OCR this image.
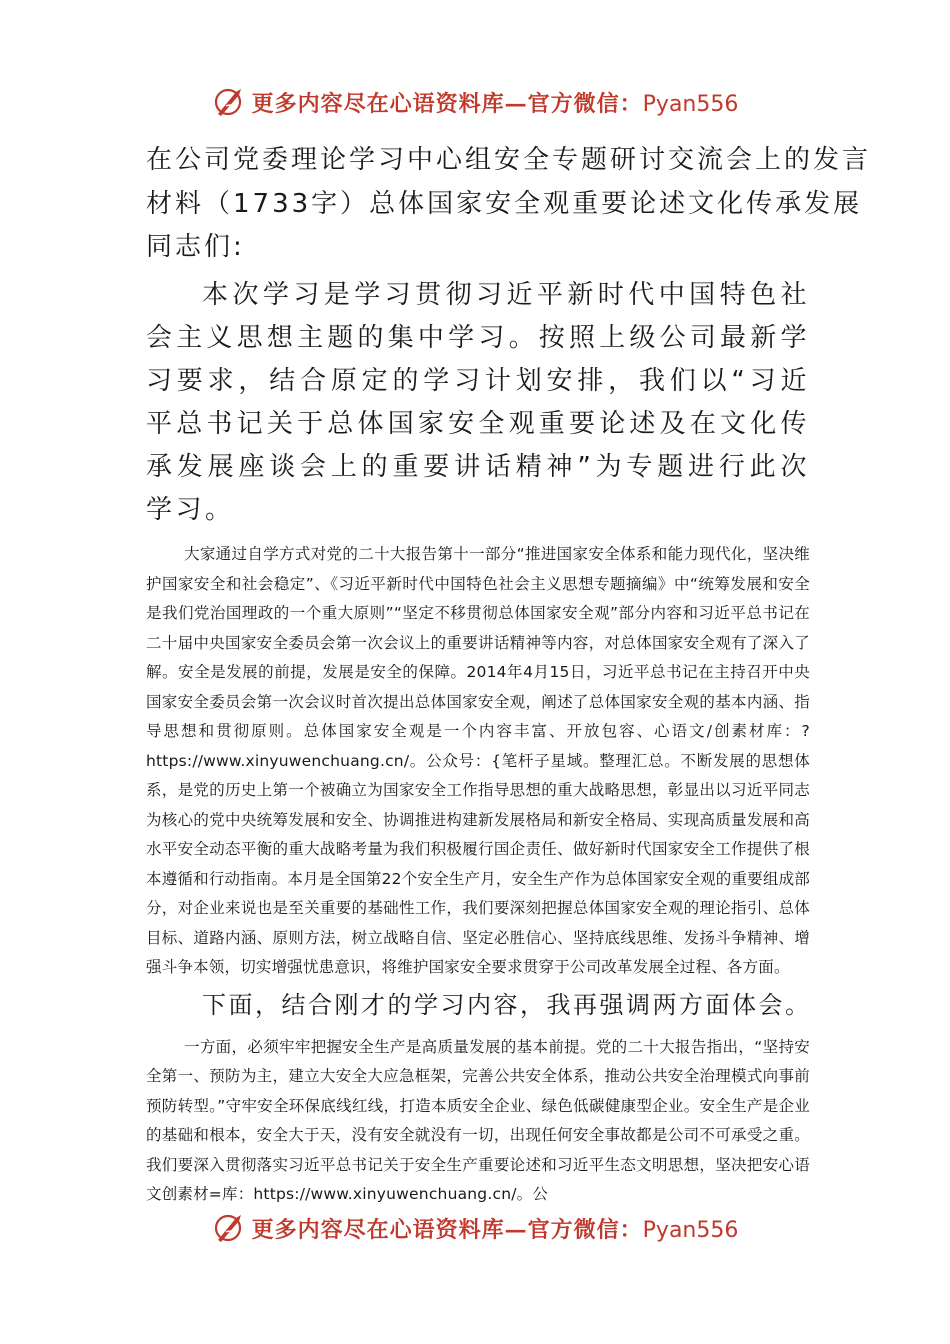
更多内容尽在心语资料库—官方微信：Pyan556

在公司党委理论学习中心组安全专题研讨交流会上的发言

材料（1733字）总体国家安全观重要论述文化传承发展

同志们:

本次学习是学习贯彻习近平新时代中国特色社会主义思想主题的集中学习。按照上级公司最新学习要求，结合原定的学习计划安排，我们以“习近平总书记关于总体国家安全观重要论述及在文化传承发展座谈会上的重要讲话精神”为专题进行此次学习。

大家通过自学方式对党的二十大报告第十一部分“推进国家安全体系和能力现代化，坚决维护国家安全和社会稳定”、《习近平新时代中国特色社会主义思想专题摘编》中“统筹发展和安全是我们党治国理政的一个重大原则”“坚定不移贯彻总体国家安全观”部分内容和习近平总书记在二十届中央国家安全委员会第一次会议上的重要讲话精神等内容，对总体国家安全观有了深入了解。安全是发展的前提，发展是安全的保障。2014年4月15日，习近平总书记在主持召开中央国家安全委员会第一次会议时首次提出总体国家安全观，阐述了总体国家安全观的基本内涵、指导思想和贯彻原则。总体国家安全观是一个内容丰富、开放包容、心语文/创素材库：?https://www.xinyuwenchuang.cn/。公众号：{笔杆子星域。整理汇总。不断发展的思想体系，是党的历史上第一个被确立为国家安全工作指导思想的重大战略思想，彰显出以习近平同志为核心的党中央统筹发展和安全、协调推进构建新发展格局和新安全格局、实现高质量发展和高水平安全动态平衡的重大战略考量为我们积极履行国企责任、做好新时代国家安全工作提供了根本遵循和行动指南。本月是全国第22个安全生产月，安全生产作为总体国家安全观的重要组成部分，对企业来说也是至关重要的基础性工作，我们要深刻把握总体国家安全观的理论指引、总体目标、道路内涵、原则方法，树立战略自信、坚定必胜信心、坚持底线思维、发扬斗争精神、增强斗争本领，切实增强忧患意识，将维护国家安全要求贯穿于公司改革发展全过程、各方面。

下面，结合刚才的学习内容，我再强调两方面体会。

一方面，必须牢牢把握安全生产是高质量发展的基本前提。党的二十大报告指出，“坚持安全第一、预防为主，建立大安全大应急框架，完善公共安全体系，推动公共安全治理模式向事前预防转型。”守牢安全环保底线红线，打造本质安全企业、绿色低碳健康型企业。安全生产是企业的基础和根本，安全大于天，没有安全就没有一切，出现任何安全事故都是公司不可承受之重。我们要深入贯彻落实习近平总书记关于安全生产重要论述和习近平生态文明思想，坚决把安心语文创素材=库：https://www.xinyuwenchuang.cn/。公

更多内容尽在心语资料库—官方微信：Pyan556
